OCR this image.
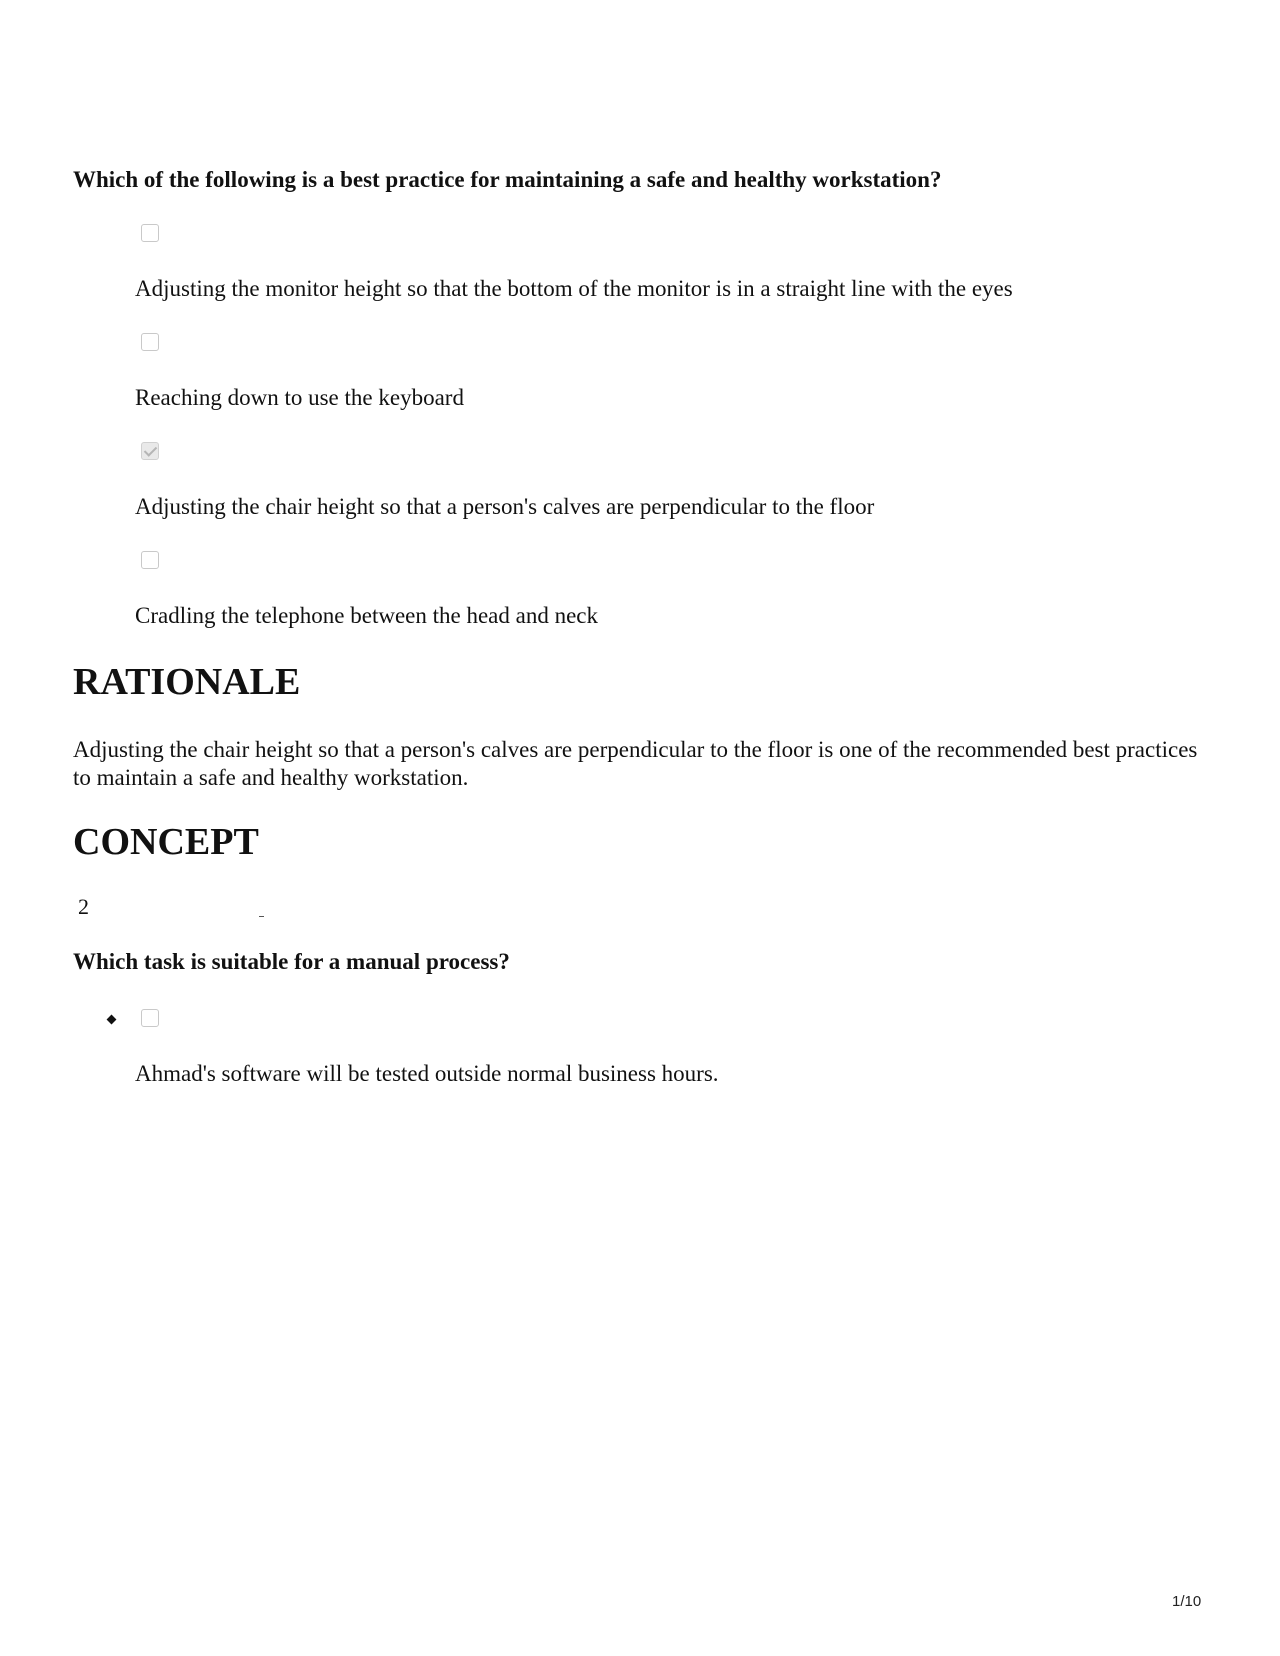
Which of the following is a best practice for maintaining a safe and healthy workstation?
Adjusting the monitor height so that the bottom of the monitor is in a straight line with the eyes
Reaching down to use the keyboard
Adjusting the chair height so that a person's calves are perpendicular to the floor
Cradling the telephone between the head and neck
RATIONALE
Adjusting the chair height so that a person's calves are perpendicular to the floor is one of the recommended best practices to maintain a safe and healthy workstation.
CONCEPT
2
Which task is suitable for a manual process?
Ahmad's software will be tested outside normal business hours.
1/10
